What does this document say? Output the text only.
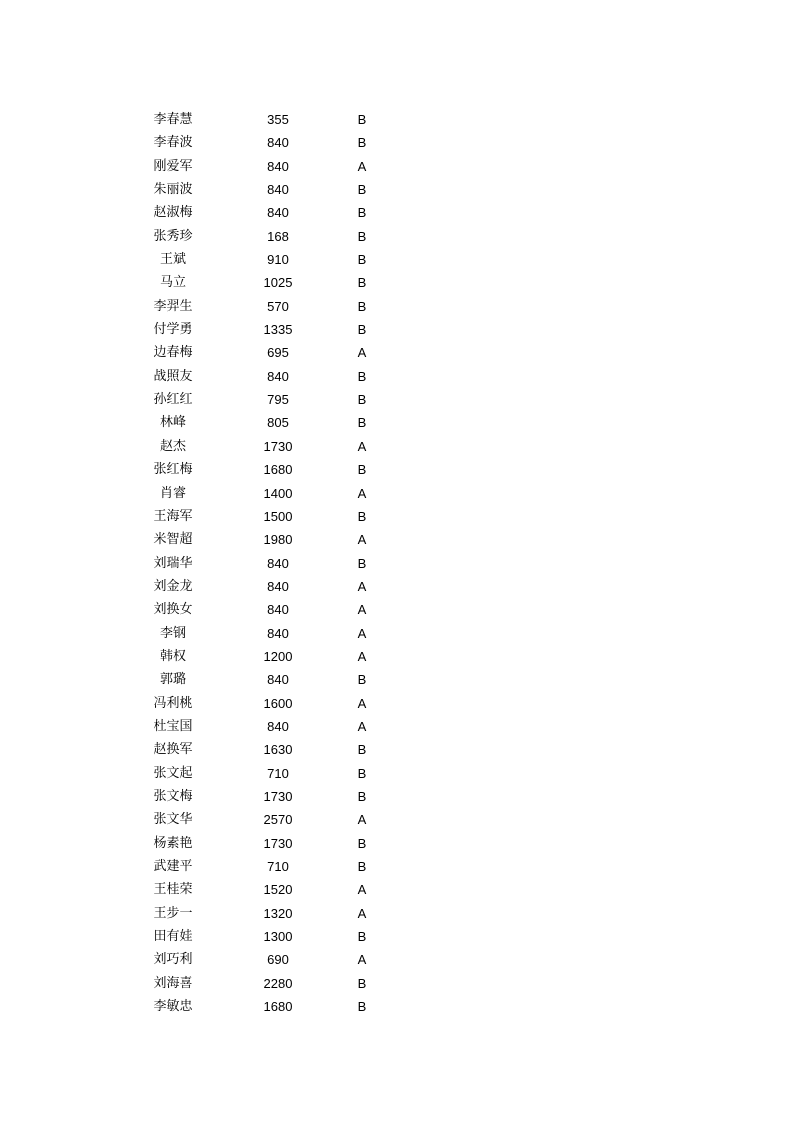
李春慧	355	B
李春波	840	B
刚爱军	840	A
朱丽波	840	B
赵淑梅	840	B
张秀珍	168	B
王斌	910	B
马立	1025	B
李羿生	570	B
付学勇	1335	B
边春梅	695	A
战照友	840	B
孙红红	795	B
林峰	805	B
赵杰	1730	A
张红梅	1680	B
肖睿	1400	A
王海军	1500	B
米智超	1980	A
刘瑞华	840	B
刘金龙	840	A
刘换女	840	A
李钢	840	A
韩权	1200	A
郭璐	840	B
冯利桃	1600	A
杜宝国	840	A
赵换军	1630	B
张文起	710	B
张文梅	1730	B
张文华	2570	A
杨素艳	1730	B
武建平	710	B
王桂荣	1520	A
王步一	1320	A
田有娃	1300	B
刘巧利	690	A
刘海喜	2280	B
李敏忠	1680	B
